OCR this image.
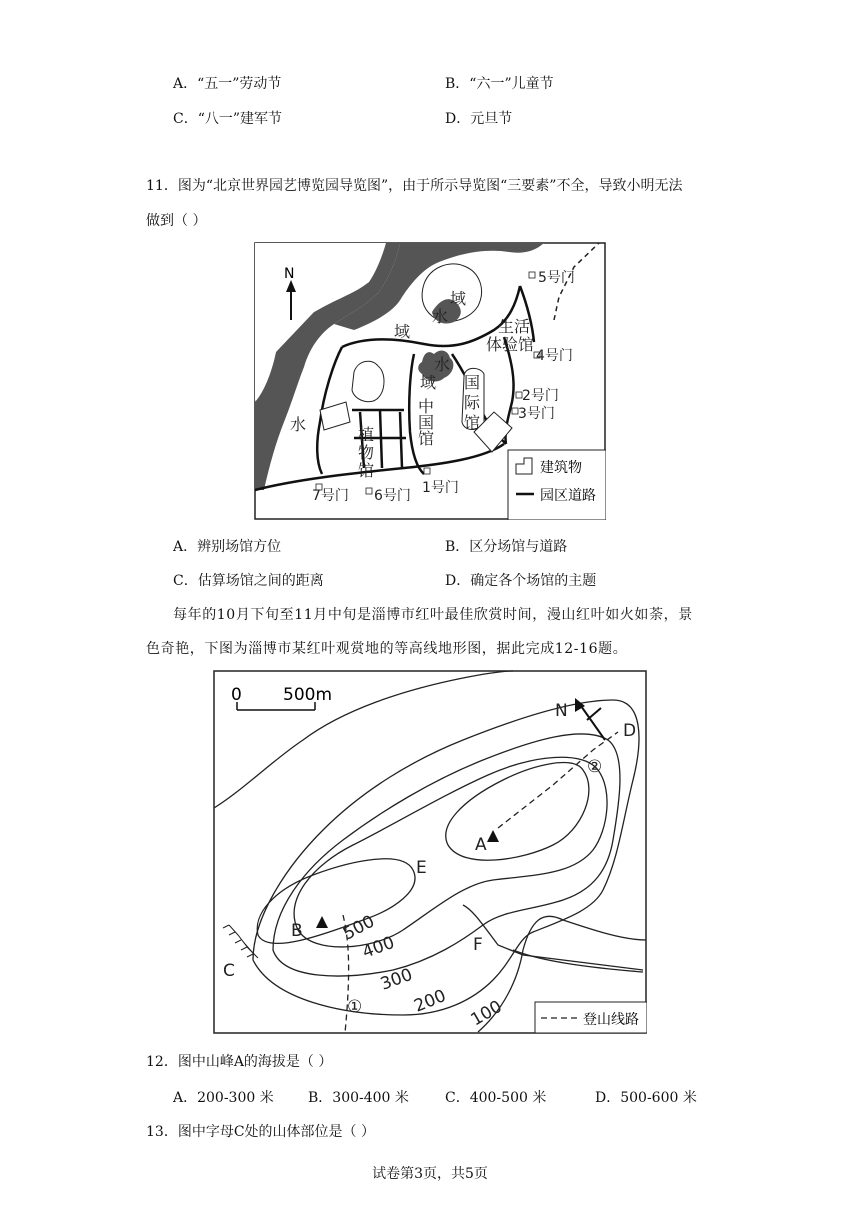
A．“五一”劳动节	B．“六一”儿童节
C．“八一”建军节	D．元旦节
11．图为“北京世界园艺博览园导览图”，由于所示导览图“三要素”不全，导致小明无法
做到（ ）
N
域
水
域
水
水
域
生活
体验馆
中
国
馆
国
际
馆
植
物
馆
5号门
4号门
2号门
3号门
1号门
6号门
7号门
建筑物
园区道路
A．辨别场馆方位	B．区分场馆与道路
C．估算场馆之间的距离	D．确定各个场馆的主题
每年的10月下旬至11月中旬是淄博市红叶最佳欣赏时间，漫山红叶如火如荼，景
色奇艳，下图为淄博市某红叶观赏地的等高线地形图，据此完成12-16题。
0 500m
N
A
B
C
D
E
F
①
②
500
400
300
200 100	登山线路
12．图中山峰A的海拔是（ ）
A．200-300 米 B．300-400 米	C．400-500 米	D．500-600 米
13．图中字母C处的山体部位是（ ）
试卷第3页，共5页
